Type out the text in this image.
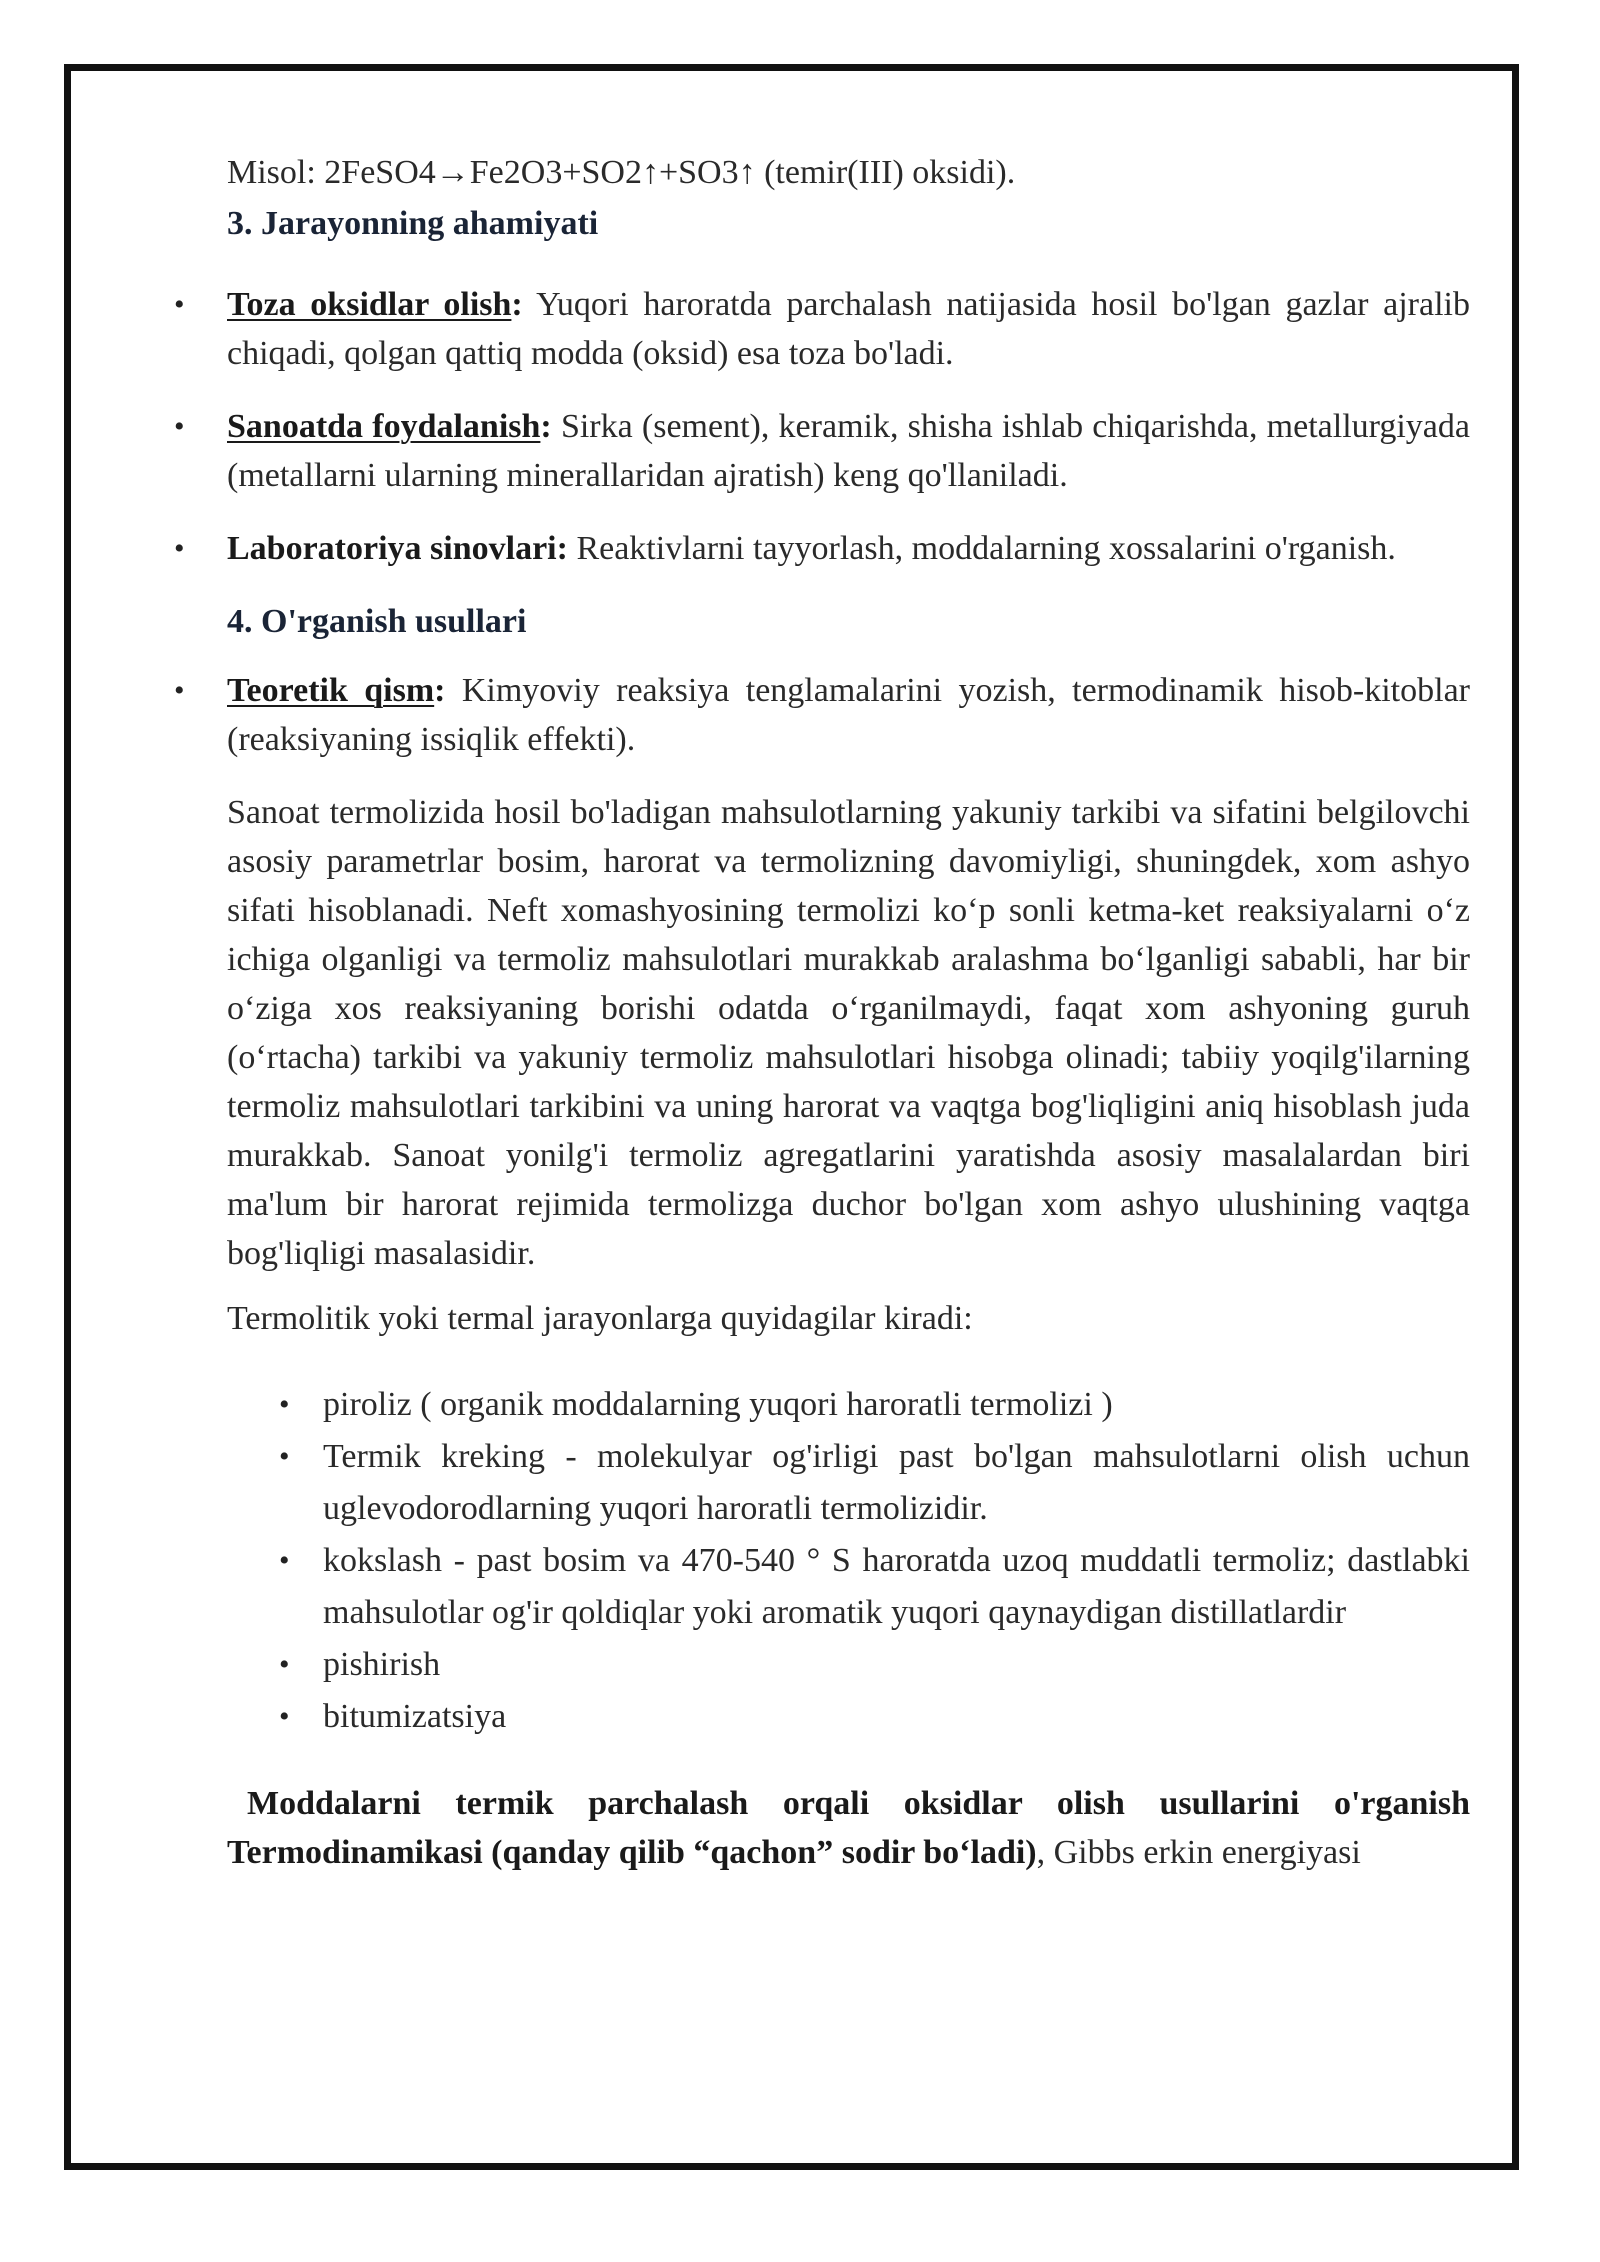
Misol: 2FeSO4→Fe2O3+SO2↑+SO3↑ (temir(III) oksidi).

3. Jarayonning ahamiyati

• Toza oksidlar olish: Yuqori haroratda parchalash natijasida hosil bo'lgan gazlar ajralib chiqadi, qolgan qattiq modda (oksid) esa toza bo'ladi.
• Sanoatda foydalanish: Sirka (sement), keramik, shisha ishlab chiqarishda, metallurgiyada (metallarni ularning minerallaridan ajratish) keng qo'llaniladi.
• Laboratoriya sinovlari: Reaktivlarni tayyorlash, moddalarning xossalarini o'rganish.

4. O'rganish usullari

• Teoretik qism: Kimyoviy reaksiya tenglamalarini yozish, termodinamik hisob-kitoblar (reaksiyaning issiqlik effekti).

Sanoat termolizida hosil bo'ladigan mahsulotlarning yakuniy tarkibi va sifatini belgilovchi asosiy parametrlar bosim, harorat va termolizning davomiyligi, shuningdek, xom ashyo sifati hisoblanadi. Neft xomashyosining termolizi ko‘p sonli ketma-ket reaksiyalarni o‘z ichiga olganligi va termoliz mahsulotlari murakkab aralashma bo‘lganligi sababli, har bir o‘ziga xos reaksiyaning borishi odatda o‘rganilmaydi, faqat xom ashyoning guruh (o‘rtacha) tarkibi va yakuniy termoliz mahsulotlari hisobga olinadi; tabiiy yoqilg'ilarning termoliz mahsulotlari tarkibini va uning harorat va vaqtga bog'liqligini aniq hisoblash juda murakkab. Sanoat yonilg'i termoliz agregatlarini yaratishda asosiy masalalardan biri ma'lum bir harorat rejimida termolizga duchor bo'lgan xom ashyo ulushining vaqtga bog'liqligi masalasidir.

Termolitik yoki termal jarayonlarga quyidagilar kiradi:

• piroliz ( organik moddalarning yuqori haroratli termolizi )
• Termik kreking - molekulyar og'irligi past bo'lgan mahsulotlarni olish uchun uglevodorodlarning yuqori haroratli termolizidir.
• kokslash - past bosim va 470-540 ° S haroratda uzoq muddatli termoliz; dastlabki mahsulotlar og'ir qoldiqlar yoki aromatik yuqori qaynaydigan distillatlardir
• pishirish
• bitumizatsiya

Moddalarni termik parchalash orqali oksidlar olish usullarini o'rganish Termodinamikasi (qanday qilib “qachon” sodir bo‘ladi), Gibbs erkin energiyasi
